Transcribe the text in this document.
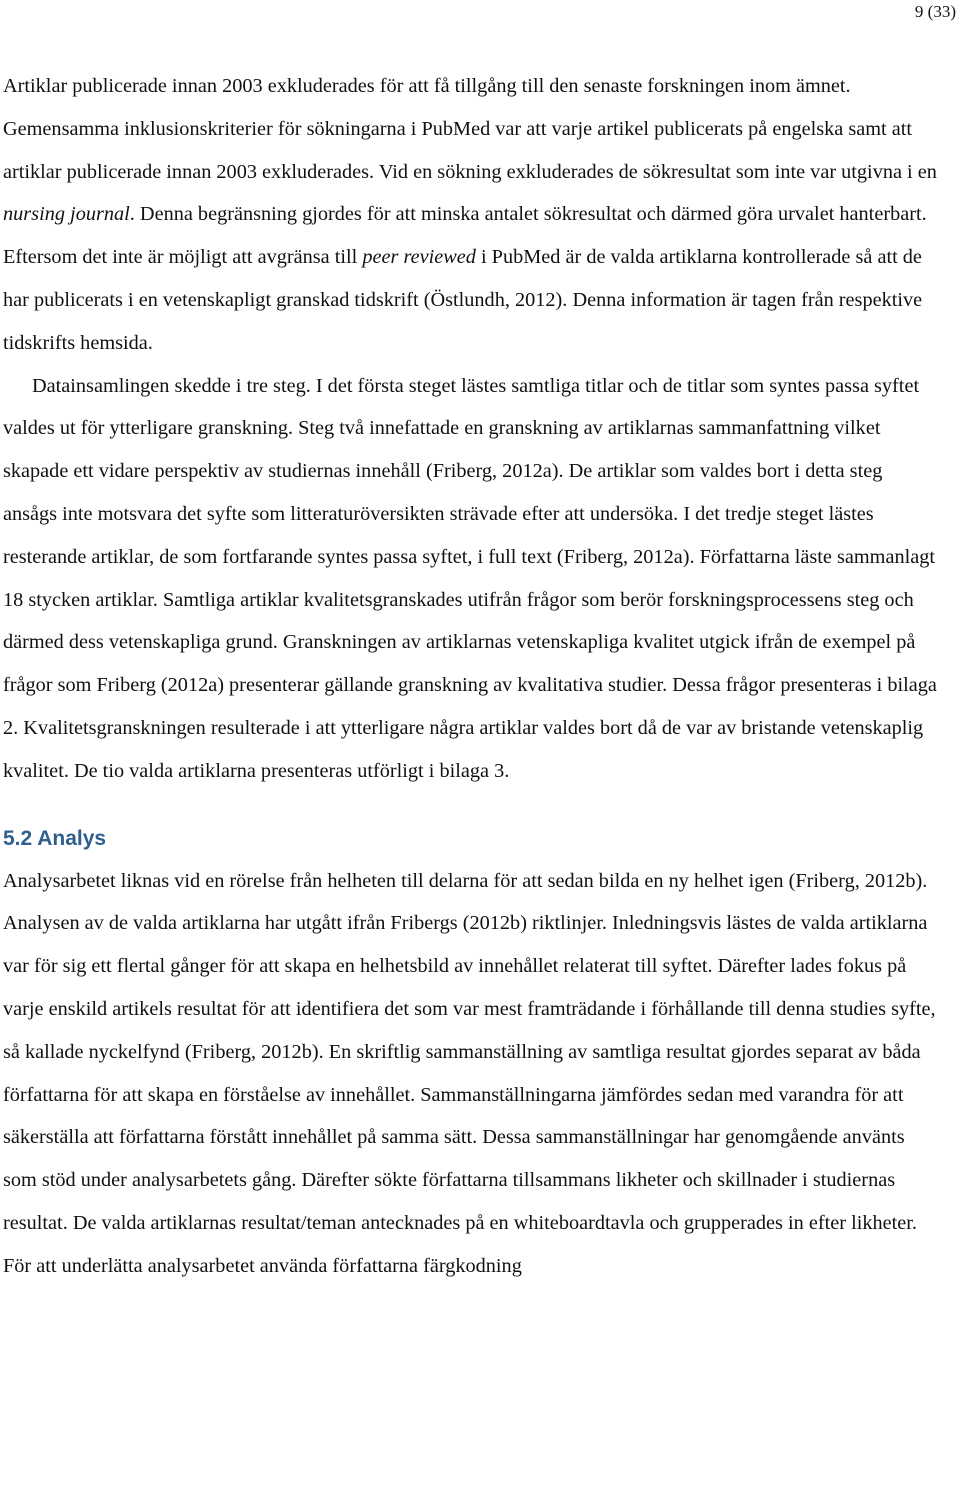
9 (33)

Artiklar publicerade innan 2003 exkluderades för att få tillgång till den senaste forskningen inom ämnet. Gemensamma inklusionskriterier för sökningarna i PubMed var att varje artikel publicerats på engelska samt att artiklar publicerade innan 2003 exkluderades. Vid en sökning exkluderades de sökresultat som inte var utgivna i en nursing journal. Denna begränsning gjordes för att minska antalet sökresultat och därmed göra urvalet hanterbart. Eftersom det inte är möjligt att avgränsa till peer reviewed i PubMed är de valda artiklarna kontrollerade så att de har publicerats i en vetenskapligt granskad tidskrift (Östlundh, 2012). Denna information är tagen från respektive tidskrifts hemsida.

Datainsamlingen skedde i tre steg. I det första steget lästes samtliga titlar och de titlar som syntes passa syftet valdes ut för ytterligare granskning. Steg två innefattade en granskning av artiklarnas sammanfattning vilket skapade ett vidare perspektiv av studiernas innehåll (Friberg, 2012a). De artiklar som valdes bort i detta steg ansågs inte motsvara det syfte som litteraturöversikten strävade efter att undersöka. I det tredje steget lästes resterande artiklar, de som fortfarande syntes passa syftet, i full text (Friberg, 2012a). Författarna läste sammanlagt 18 stycken artiklar. Samtliga artiklar kvalitetsgranskades utifrån frågor som berör forskningsprocessens steg och därmed dess vetenskapliga grund. Granskningen av artiklarnas vetenskapliga kvalitet utgick ifrån de exempel på frågor som Friberg (2012a) presenterar gällande granskning av kvalitativa studier. Dessa frågor presenteras i bilaga 2. Kvalitetsgranskningen resulterade i att ytterligare några artiklar valdes bort då de var av bristande vetenskaplig kvalitet. De tio valda artiklarna presenteras utförligt i bilaga 3.

5.2 Analys

Analysarbetet liknas vid en rörelse från helheten till delarna för att sedan bilda en ny helhet igen (Friberg, 2012b). Analysen av de valda artiklarna har utgått ifrån Fribergs (2012b) riktlinjer. Inledningsvis lästes de valda artiklarna var för sig ett flertal gånger för att skapa en helhetsbild av innehållet relaterat till syftet. Därefter lades fokus på varje enskild artikels resultat för att identifiera det som var mest framträdande i förhållande till denna studies syfte, så kallade nyckelfynd (Friberg, 2012b). En skriftlig sammanställning av samtliga resultat gjordes separat av båda författarna för att skapa en förståelse av innehållet. Sammanställningarna jämfördes sedan med varandra för att säkerställa att författarna förstått innehållet på samma sätt. Dessa sammanställningar har genomgående använts som stöd under analysarbetets gång. Därefter sökte författarna tillsammans likheter och skillnader i studiernas resultat. De valda artiklarnas resultat/teman antecknades på en whiteboardtavla och grupperades in efter likheter. För att underlätta analysarbetet använda författarna färgkodning
